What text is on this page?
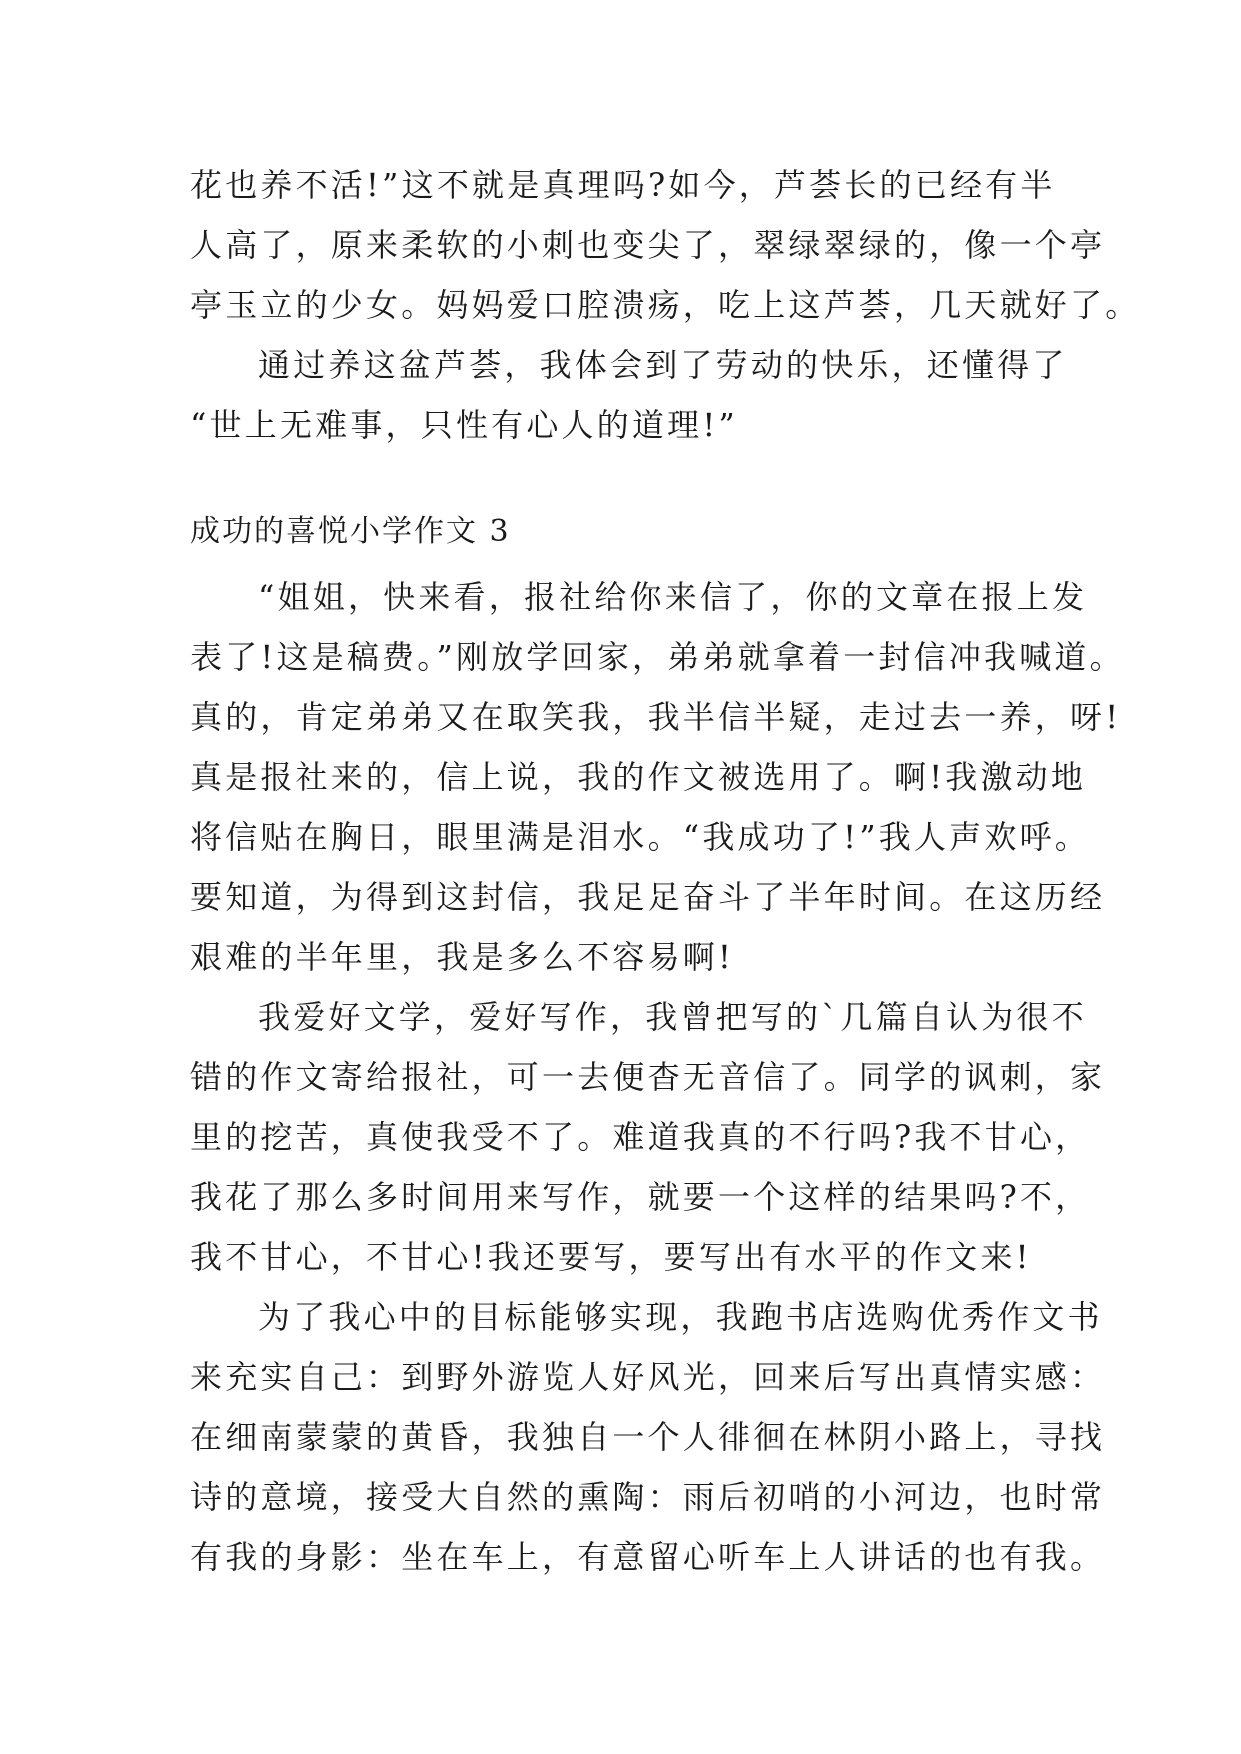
花也养不活!”这不就是真理吗?如今，芦荟长的已经有半
人高了，原来柔软的小刺也变尖了，翠绿翠绿的，像一个亭
亭玉立的少女。妈妈爱口腔溃疡，吃上这芦荟，几天就好了。
通过养这盆芦荟，我体会到了劳动的快乐，还懂得了
“世上无难事，只性有心人的道理!”
成功的喜悦小学作文 3
“姐姐，快来看，报社给你来信了，你的文章在报上发
表了!这是稿费。”刚放学回家，弟弟就拿着一封信冲我喊道。
真的，肯定弟弟又在取笑我，我半信半疑，走过去一养，呀!
真是报社来的，信上说，我的作文被选用了。啊!我激动地
将信贴在胸日，眼里满是泪水。“我成功了!”我人声欢呼。
要知道，为得到这封信，我足足奋斗了半年时间。在这历经
艰难的半年里，我是多么不容易啊!
我爱好文学，爱好写作，我曾把写的`几篇自认为很不
错的作文寄给报社，可一去便杳无音信了。同学的讽刺，家
里的挖苦，真使我受不了。难道我真的不行吗?我不甘心，
我花了那么多时间用来写作，就要一个这样的结果吗?不，
我不甘心，不甘心!我还要写，要写出有水平的作文来!
为了我心中的目标能够实现，我跑书店选购优秀作文书
来充实自己：到野外游览人好风光，回来后写出真情实感：
在细南蒙蒙的黄昏，我独自一个人徘徊在林阴小路上，寻找
诗的意境，接受大自然的熏陶：雨后初哨的小河边，也时常
有我的身影：坐在车上，有意留心听车上人讲话的也有我。
